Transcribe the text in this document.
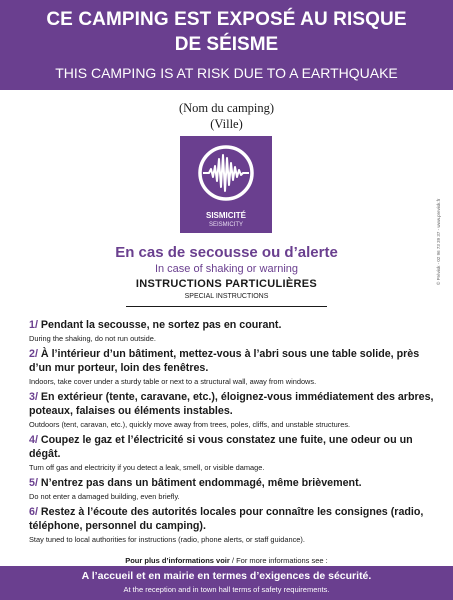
CE CAMPING EST EXPOSÉ AU RISQUE
DE SÉISME
THIS CAMPING IS AT RISK DUE TO A EARTHQUAKE
(Nom du camping)
(Ville)
SISMICITÉ
SEISMICITY
En cas de secousse ou d’alerte
In case of shaking or warning
INSTRUCTIONS PARTICULIÈRES
SPECIAL INSTRUCTIONS
1/ Pendant la secousse, ne sortez pas en courant.
During the shaking, do not run outside.
2/ À l’intérieur d’un bâtiment, mettez-vous à l’abri sous une table solide, près d’un mur porteur, loin des fenêtres.
Indoors, take cover under a sturdy table or next to a structural wall, away from windows.
3/ En extérieur (tente, caravane, etc.), éloignez-vous immédiatement des arbres, poteaux, falaises ou éléments instables.
Outdoors (tent, caravan, etc.), quickly move away from trees, poles, cliffs, and unstable structures.
4/ Coupez le gaz et l’électricité si vous constatez une fuite, une odeur ou un dégât.
Turn off gas and electricity if you detect a leak, smell, or visible damage.
5/ N’entrez pas dans un bâtiment endommagé, même brièvement.
Do not enter a damaged building, even briefly.
6/ Restez à l’écoute des autorités locales pour connaître les consignes (radio, téléphone, personnel du camping).
Stay tuned to local authorities for instructions (radio, phone alerts, or staff guidance).
Pour plus d’informations voir / For more informations see :
A l’accueil et en mairie en termes d’exigences de sécurité.
At the reception and in town hall terms of safety requirements.
© Prévisk - 02 96 73 39 37 - www.previsk.fr
